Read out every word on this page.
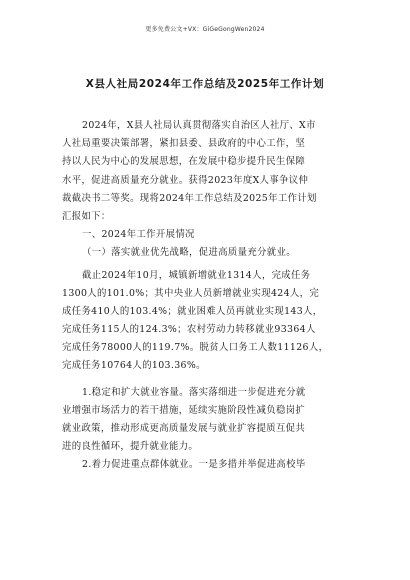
更多免费公文+VX：GiGeGongWen2024
X县人社局2024年工作总结及2025年工作计划
2024年，X县人社局认真贯彻落实自治区人社厅、X市
人社局重要决策部署，紧扣县委、县政府的中心工作，坚
持以人民为中心的发展思想，在发展中稳步提升民生保障
水平，促进高质量充分就业。获得2023年度X人事争议仲
裁截决书二等奖。现将2024年工作总结及2025年工作计划
汇报如下：
一、2024年工作开展情况
（一）落实就业优先战略，促进高质量充分就业。
截止2024年10月，城镇新增就业1314人，完成任务
1300人的101.0%；其中央业人员新增就业实现424人，完
成任务410人的103.4%；就业困难人员再就业实现143人，
完成任务115人的124.3%；农村劳动力转移就业93364人
完成任务78000人的119.7%。脱贫人口务工人数11126人，
完成任务10764人的103.36%。
1.稳定和扩大就业容量。落实落细进一步促进充分就
业增强市场活力的若干措施，延续实施阶段性减负稳岗扩
就业政策，推动形成更高质量发展与就业扩容提质互促共
进的良性循环，提升就业能力。
2.着力促进重点群体就业。一是多措并举促进高校毕
